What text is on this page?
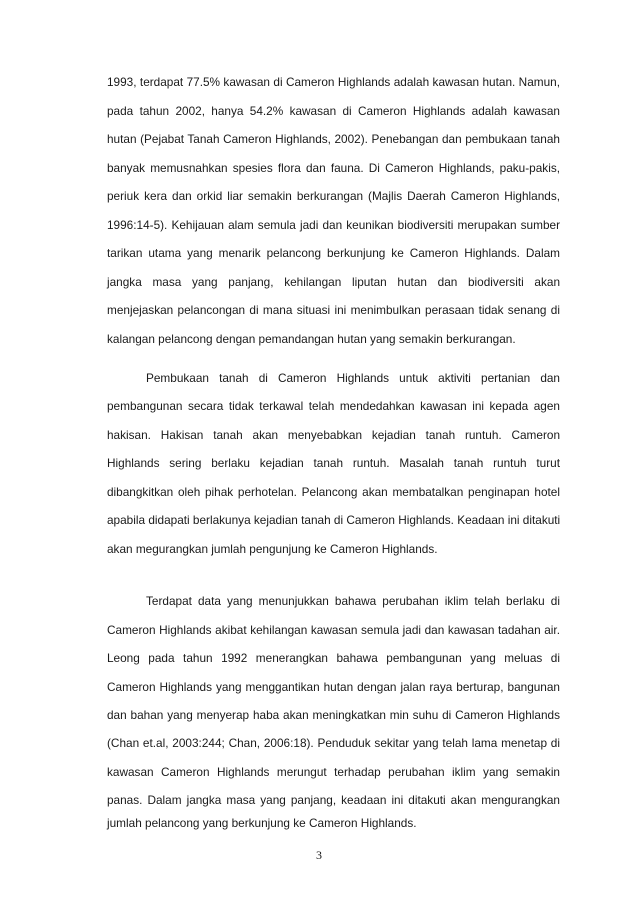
1993, terdapat 77.5% kawasan di Cameron Highlands adalah kawasan hutan. Namun,
pada tahun 2002, hanya 54.2% kawasan di Cameron Highlands adalah kawasan
hutan (Pejabat Tanah Cameron Highlands, 2002). Penebangan dan pembukaan tanah
banyak memusnahkan spesies flora dan fauna. Di Cameron Highlands, paku-pakis,
periuk kera dan orkid liar semakin berkurangan (Majlis Daerah Cameron Highlands,
1996:14-5). Kehijauan alam semula jadi dan keunikan biodiversiti merupakan sumber
tarikan utama yang menarik pelancong berkunjung ke Cameron Highlands. Dalam
jangka masa yang panjang, kehilangan liputan hutan dan biodiversiti akan
menjejaskan pelancongan di mana situasi ini menimbulkan perasaan tidak senang di
kalangan pelancong dengan pemandangan hutan yang semakin berkurangan.
Pembukaan tanah di Cameron Highlands untuk aktiviti pertanian dan
pembangunan secara tidak terkawal telah mendedahkan kawasan ini kepada agen
hakisan. Hakisan tanah akan menyebabkan kejadian tanah runtuh. Cameron
Highlands sering berlaku kejadian tanah runtuh. Masalah tanah runtuh turut
dibangkitkan oleh pihak perhotelan. Pelancong akan membatalkan penginapan hotel
apabila didapati berlakunya kejadian tanah di Cameron Highlands. Keadaan ini ditakuti
akan megurangkan jumlah pengunjung ke Cameron Highlands.
Terdapat data yang menunjukkan bahawa perubahan iklim telah berlaku di
Cameron Highlands akibat kehilangan kawasan semula jadi dan kawasan tadahan air.
Leong pada tahun 1992 menerangkan bahawa pembangunan yang meluas di
Cameron Highlands yang menggantikan hutan dengan jalan raya berturap, bangunan
dan bahan yang menyerap haba akan meningkatkan min suhu di Cameron Highlands
(Chan et.al, 2003:244; Chan, 2006:18). Penduduk sekitar yang telah lama menetap di
kawasan Cameron Highlands merungut terhadap perubahan iklim yang semakin
panas. Dalam jangka masa yang panjang, keadaan ini ditakuti akan mengurangkan
jumlah pelancong yang berkunjung ke Cameron Highlands.
3
